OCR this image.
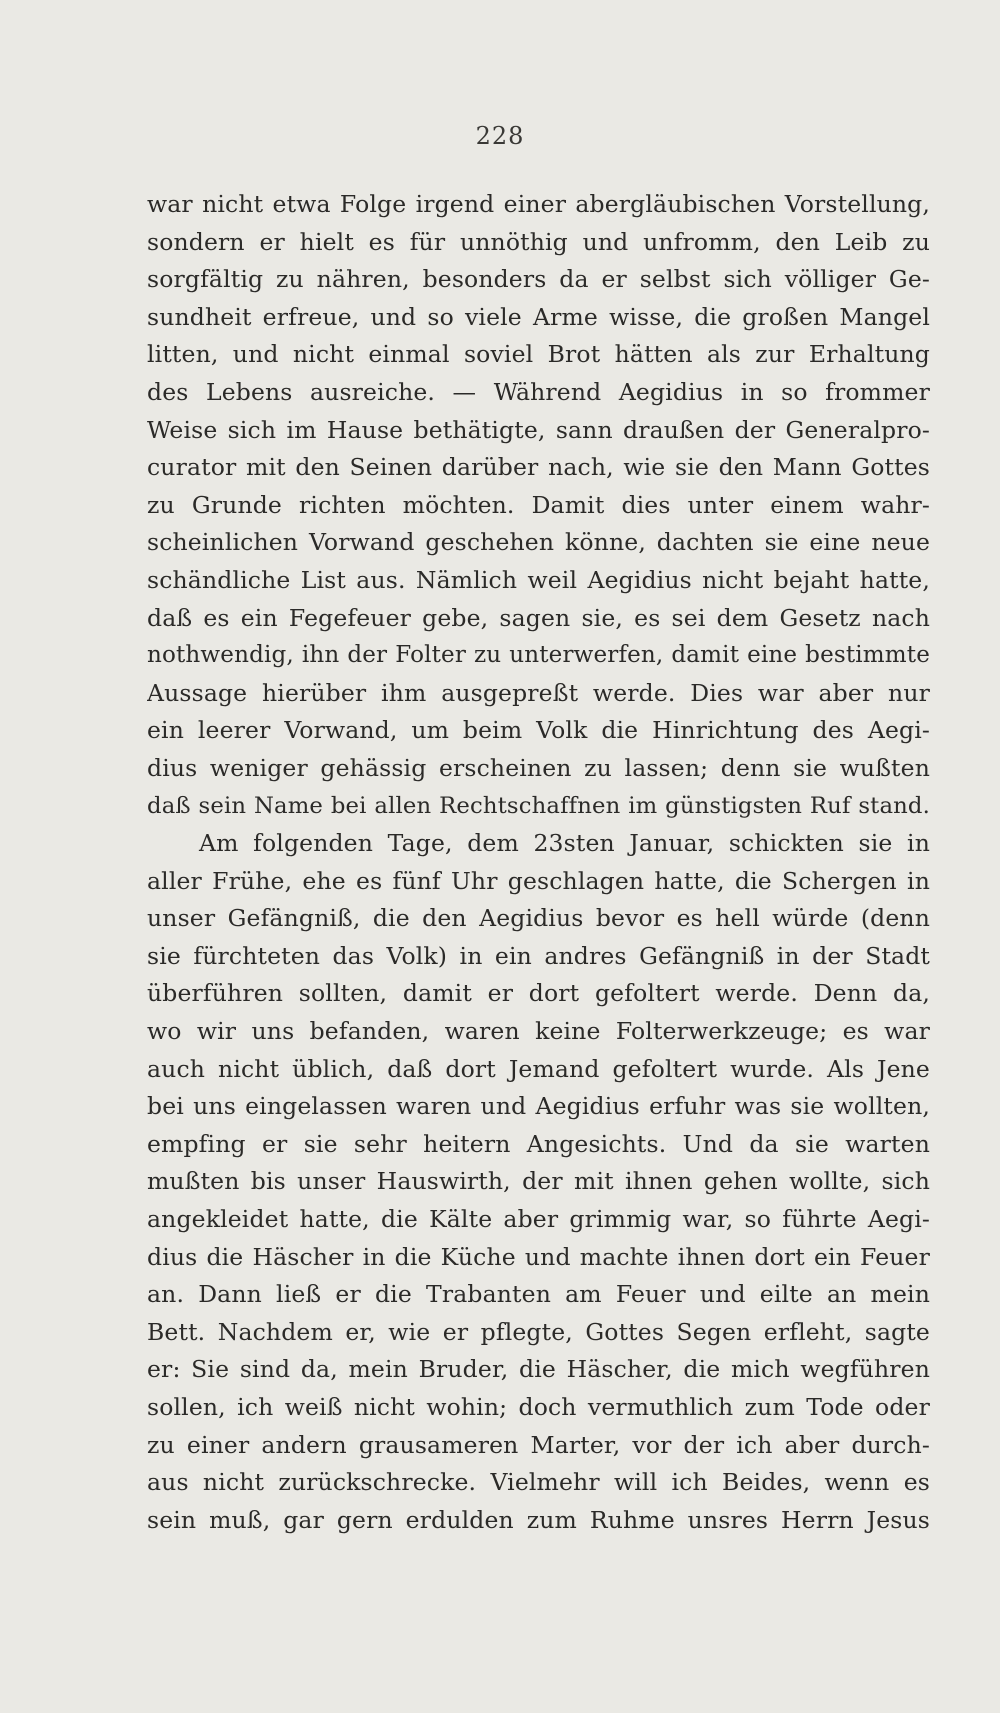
228
war nicht etwa Folge irgend einer abergläubischen Vorstellung,
sondern er hielt es für unnöthig und unfromm, den Leib zu
sorgfältig zu nähren, besonders da er selbst sich völliger Ge-
sundheit erfreue, und so viele Arme wisse, die großen Mangel
litten, und nicht einmal soviel Brot hätten als zur Erhaltung
des Lebens ausreiche. — Während Aegidius in so frommer
Weise sich im Hause bethätigte, sann draußen der Generalpro-
curator mit den Seinen darüber nach, wie sie den Mann Gottes
zu Grunde richten möchten. Damit dies unter einem wahr-
scheinlichen Vorwand geschehen könne, dachten sie eine neue
schändliche List aus. Nämlich weil Aegidius nicht bejaht hatte,
daß es ein Fegefeuer gebe, sagen sie, es sei dem Gesetz nach
nothwendig, ihn der Folter zu unterwerfen, damit eine bestimmte
Aussage hierüber ihm ausgepreßt werde. Dies war aber nur
ein leerer Vorwand, um beim Volk die Hinrichtung des Aegi-
dius weniger gehässig erscheinen zu lassen; denn sie wußten
daß sein Name bei allen Rechtschaffnen im günstigsten Ruf stand.
Am folgenden Tage, dem 23sten Januar, schickten sie in
aller Frühe, ehe es fünf Uhr geschlagen hatte, die Schergen in
unser Gefängniß, die den Aegidius bevor es hell würde (denn
sie fürchteten das Volk) in ein andres Gefängniß in der Stadt
überführen sollten, damit er dort gefoltert werde. Denn da,
wo wir uns befanden, waren keine Folterwerkzeuge; es war
auch nicht üblich, daß dort Jemand gefoltert wurde. Als Jene
bei uns eingelassen waren und Aegidius erfuhr was sie wollten,
empfing er sie sehr heitern Angesichts. Und da sie warten
mußten bis unser Hauswirth, der mit ihnen gehen wollte, sich
angekleidet hatte, die Kälte aber grimmig war, so führte Aegi-
dius die Häscher in die Küche und machte ihnen dort ein Feuer
an. Dann ließ er die Trabanten am Feuer und eilte an mein
Bett. Nachdem er, wie er pflegte, Gottes Segen erfleht, sagte
er: Sie sind da, mein Bruder, die Häscher, die mich wegführen
sollen, ich weiß nicht wohin; doch vermuthlich zum Tode oder
zu einer andern grausameren Marter, vor der ich aber durch-
aus nicht zurückschrecke. Vielmehr will ich Beides, wenn es
sein muß, gar gern erdulden zum Ruhme unsres Herrn Jesus
